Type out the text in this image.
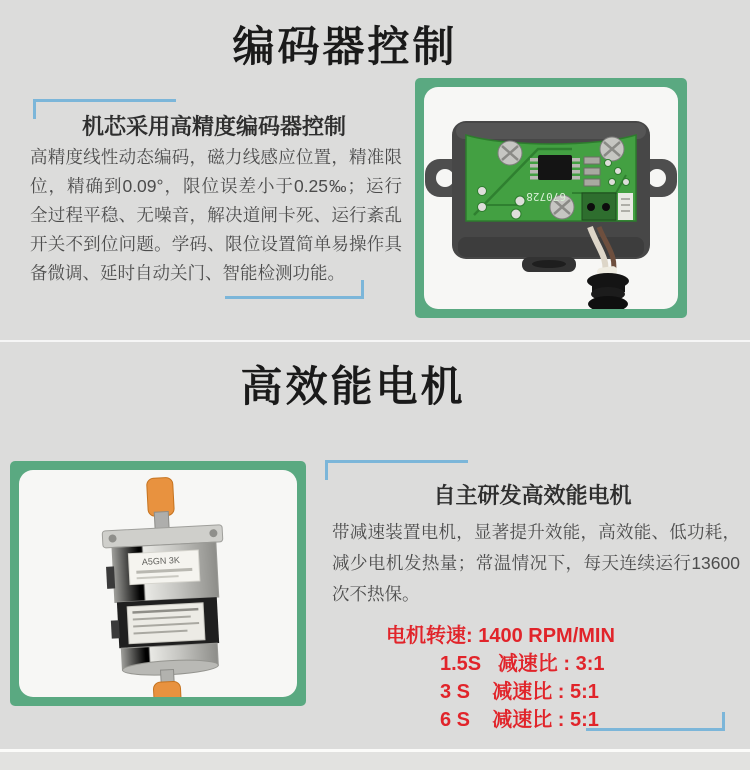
编码器控制
机芯采用高精度编码器控制
高精度线性动态编码，磁力线感应位置，精准限位，精确到0.09°，限位误差小于0.25‰；运行全过程平稳、无噪音，解决道闸卡死、运行紊乱开关不到位问题。学码、限位设置简单易操作具备微调、延时自动关门、智能检测功能。
670728
高效能电机
A5GN 3K
自主研发高效能电机
带减速装置电机，显著提升效能，高效能、低功耗，减少电机发热量；常温情况下，每天连续运行13600次不热保。
电机转速: 1400 RPM/MIN
1.5S   减速比 : 3:1
3 S    减速比 : 5:1
6 S    减速比 : 5:1
